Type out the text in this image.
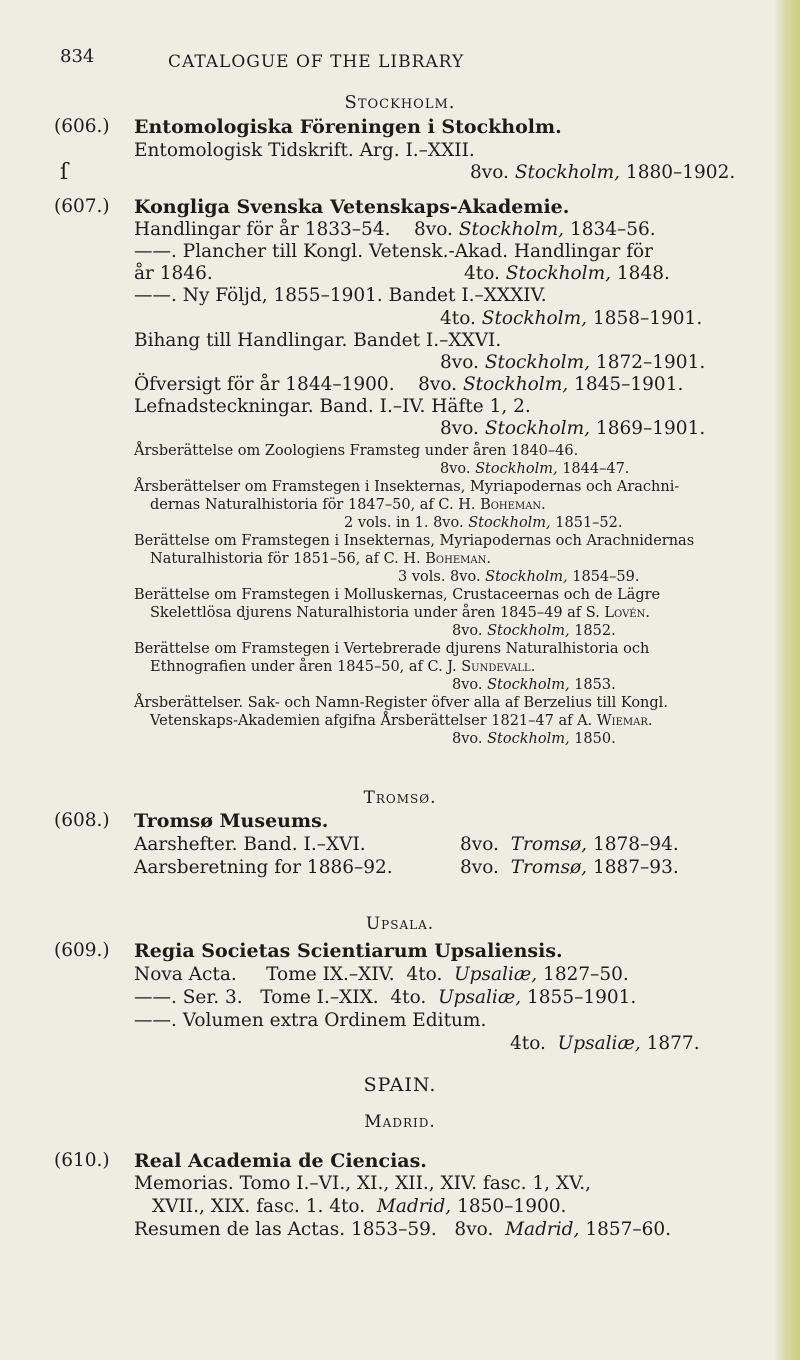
834	CATALOGUE OF THE LIBRARY
Stockholm.
(606.) Entomologiska Föreningen i Stockholm.
Entomologisk Tidskrift. Arg. I.–XXII.
ſ	8vo. Stockholm, 1880–1902.
(607.) Kongliga Svenska Vetenskaps-Akademie.
Handlingar för år 1833–54. 8vo. Stockholm, 1834–56.
——. Plancher till Kongl. Vetensk.-Akad. Handlingar för
år 1846.	4to. Stockholm, 1848.
——. Ny Följd, 1855–1901. Bandet I.–XXXIV.
4to. Stockholm, 1858–1901.
Bihang till Handlingar. Bandet I.–XXVI.
8vo. Stockholm, 1872–1901.
Öfversigt för år 1844–1900. 8vo. Stockholm, 1845–1901.
Lefnadsteckningar. Band. I.–IV. Häfte 1, 2.
8vo. Stockholm, 1869–1901.
Årsberättelse om Zoologiens Framsteg under åren 1840–46.
8vo. Stockholm, 1844–47.
Årsberättelser om Framstegen i Insekternas, Myriapodernas och Arachni-
dernas Naturalhistoria för 1847–50, af C. H. Boheman.
2 vols. in 1. 8vo. Stockholm, 1851–52.
Berättelse om Framstegen i Insekternas, Myriapodernas och Arachnidernas
Naturalhistoria för 1851–56, af C. H. Boheman.
3 vols. 8vo. Stockholm, 1854–59.
Berättelse om Framstegen i Molluskernas, Crustaceernas och de Lägre
Skelettlösa djurens Naturalhistoria under åren 1845–49 af S. Lovén.
8vo. Stockholm, 1852.
Berättelse om Framstegen i Vertebrerade djurens Naturalhistoria och
Ethnografien under åren 1845–50, af C. J. Sundevall.
8vo. Stockholm, 1853.
Årsberättelser. Sak- och Namn-Register öfver alla af Berzelius till Kongl.
Vetenskaps-Akademien afgifna Årsberättelser 1821–47 af A. Wiemar.
8vo. Stockholm, 1850.
Tromsø.
(608.) Tromsø Museums.
Aarshefter. Band. I.–XVI.	8vo. Tromsø, 1878–94.
Aarsberetning for 1886–92.	8vo. Tromsø, 1887–93.
Upsala.
(609.) Regia Societas Scientiarum Upsaliensis.
Nova Acta.     Tome IX.–XIV.  4to. Upsaliæ, 1827–50.
——. Ser. 3.   Tome I.–XIX.  4to. Upsaliæ, 1855–1901.
——. Volumen extra Ordinem Editum.
4to. Upsaliæ, 1877.
SPAIN.
Madrid.
(610.) Real Academia de Ciencias.
Memorias. Tomo I.–VI., XI., XII., XIV. fasc. 1, XV.,
XVII., XIX. fasc. 1. 4to. Madrid, 1850–1900.
Resumen de las Actas. 1853–59. 8vo. Madrid, 1857–60.
